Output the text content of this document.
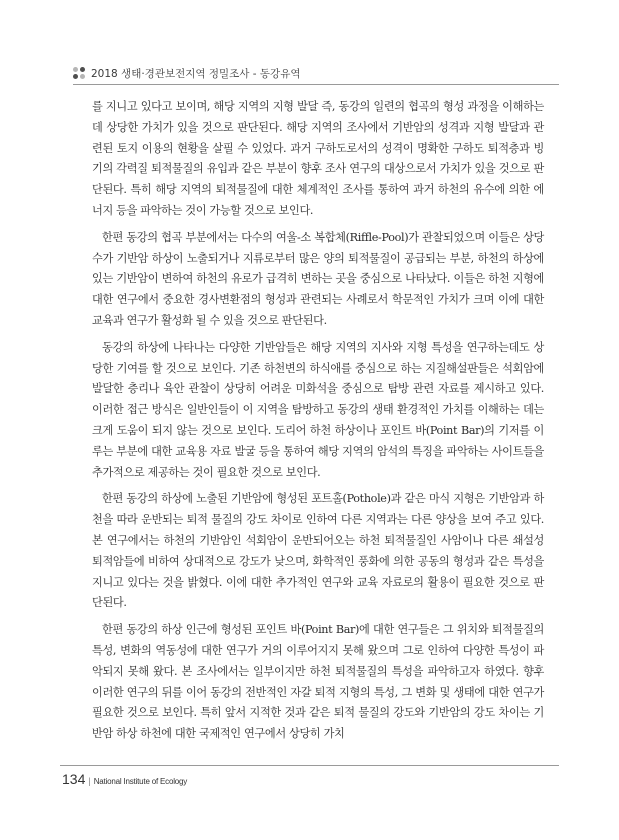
2018 생태·경관보전지역 정밀조사 - 동강유역

를 지니고 있다고 보이며, 해당 지역의 지형 발달 즉, 동강의 일련의 협곡의 형성 과정을 이해하는데 상당한 가치가 있을 것으로 판단된다. 해당 지역의 조사에서 기반암의 성격과 지형 발달과 관련된 토지 이용의 현황을 살필 수 있었다. 과거 구하도로서의 성격이 명확한 구하도 퇴적층과 빙기의 각력질 퇴적물질의 유입과 같은 부분이 향후 조사 연구의 대상으로서 가치가 있을 것으로 판단된다. 특히 해당 지역의 퇴적물질에 대한 체계적인 조사를 통하여 과거 하천의 유수에 의한 에너지 등을 파악하는 것이 가능할 것으로 보인다.

한편 동강의 협곡 부분에서는 다수의 여울-소 복합체(Riffle-Pool)가 관찰되었으며 이들은 상당수가 기반암 하상이 노출되거나 지류로부터 많은 양의 퇴적물질이 공급되는 부분, 하천의 하상에 있는 기반암이 변하여 하천의 유로가 급격히 변하는 곳을 중심으로 나타났다. 이들은 하천 지형에 대한 연구에서 중요한 경사변환점의 형성과 관련되는 사례로서 학문적인 가치가 크며 이에 대한 교육과 연구가 활성화 될 수 있을 것으로 판단된다.

동강의 하상에 나타나는 다양한 기반암들은 해당 지역의 지사와 지형 특성을 연구하는데도 상당한 기여를 할 것으로 보인다. 기존 하천변의 하식애를 중심으로 하는 지질해설판들은 석회암에 발달한 층리나 육안 관찰이 상당히 어려운 미화석을 중심으로 탐방 관련 자료를 제시하고 있다. 이러한 접근 방식은 일반인들이 이 지역을 탐방하고 동강의 생태 환경적인 가치를 이해하는 데는 크게 도움이 되지 않는 것으로 보인다. 도리어 하천 하상이나 포인트 바(Point Bar)의 기저를 이루는 부분에 대한 교육용 자료 발굴 등을 통하여 해당 지역의 암석의 특징을 파악하는 사이트들을 추가적으로 제공하는 것이 필요한 것으로 보인다.

한편 동강의 하상에 노출된 기반암에 형성된 포트홀(Pothole)과 같은 마식 지형은 기반암과 하천을 따라 운반되는 퇴적 물질의 강도 차이로 인하여 다른 지역과는 다른 양상을 보여 주고 있다. 본 연구에서는 하천의 기반암인 석회암이 운반되어오는 하천 퇴적물질인 사암이나 다른 쇄설성 퇴적암들에 비하여 상대적으로 강도가 낮으며, 화학적인 풍화에 의한 공동의 형성과 같은 특성을 지니고 있다는 것을 밝혔다. 이에 대한 추가적인 연구와 교육 자료로의 활용이 필요한 것으로 판단된다.

한편 동강의 하상 인근에 형성된 포인트 바(Point Bar)에 대한 연구들은 그 위치와 퇴적물질의 특성, 변화의 역동성에 대한 연구가 거의 이루어지지 못해 왔으며 그로 인하여 다양한 특성이 파악되지 못해 왔다. 본 조사에서는 일부이지만 하천 퇴적물질의 특성을 파악하고자 하였다. 향후 이러한 연구의 뒤를 이어 동강의 전반적인 자갈 퇴적 지형의 특성, 그 변화 및 생태에 대한 연구가 필요한 것으로 보인다. 특히 앞서 지적한 것과 같은 퇴적 물질의 강도와 기반암의 강도 차이는 기반암 하상 하천에 대한 국제적인 연구에서 상당히 가치

134 | National Institute of Ecology
